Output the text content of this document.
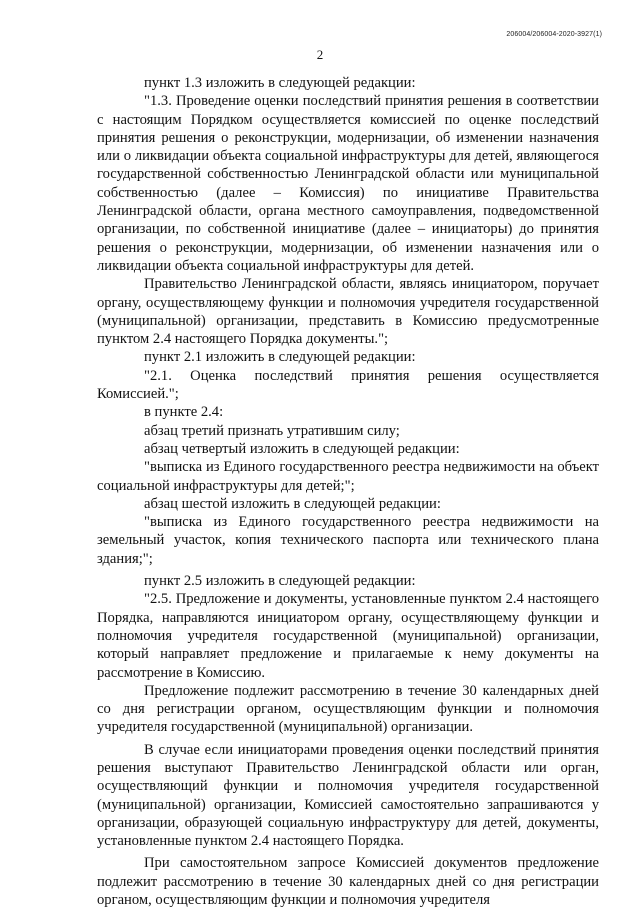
206004/206004-2020-3927(1)
2

пункт 1.3 изложить в следующей редакции:

"1.3. Проведение оценки последствий принятия решения в соответствии с настоящим Порядком осуществляется комиссией по оценке последствий принятия решения о реконструкции, модернизации, об изменении назначения или о ликвидации объекта социальной инфраструктуры для детей, являющегося государственной собственностью Ленинградской области или муниципальной собственностью (далее – Комиссия) по инициативе Правительства Ленинградской области, органа местного самоуправления, подведомственной организации, по собственной инициативе (далее – инициаторы) до принятия решения о реконструкции, модернизации, об изменении назначения или о ликвидации объекта социальной инфраструктуры для детей.

Правительство Ленинградской области, являясь инициатором, поручает органу, осуществляющему функции и полномочия учредителя государственной (муниципальной) организации, представить в Комиссию предусмотренные пунктом 2.4 настоящего Порядка документы.";

пункт 2.1 изложить в следующей редакции:

"2.1. Оценка последствий принятия решения осуществляется Комиссией.";

в пункте 2.4:

абзац третий признать утратившим силу;

абзац четвертый изложить в следующей редакции:

"выписка из Единого государственного реестра недвижимости на объект социальной инфраструктуры для детей;";

абзац шестой изложить в следующей редакции:

"выписка из Единого государственного реестра недвижимости на земельный участок, копия технического паспорта или технического плана здания;";

пункт 2.5 изложить в следующей редакции:

"2.5. Предложение и документы, установленные пунктом 2.4 настоящего Порядка, направляются инициатором органу, осуществляющему функции и полномочия учредителя государственной (муниципальной) организации, который направляет предложение и прилагаемые к нему документы на рассмотрение в Комиссию.

Предложение подлежит рассмотрению в течение 30 календарных дней со дня регистрации органом, осуществляющим функции и полномочия учредителя государственной (муниципальной) организации.

В случае если инициаторами проведения оценки последствий принятия решения выступают Правительство Ленинградской области или орган, осуществляющий функции и полномочия учредителя государственной (муниципальной) организации, Комиссией самостоятельно запрашиваются у организации, образующей социальную инфраструктуру для детей, документы, установленные пунктом 2.4 настоящего Порядка.

При самостоятельном запросе Комиссией документов предложение подлежит рассмотрению в течение 30 календарных дней со дня регистрации органом, осуществляющим функции и полномочия учредителя
